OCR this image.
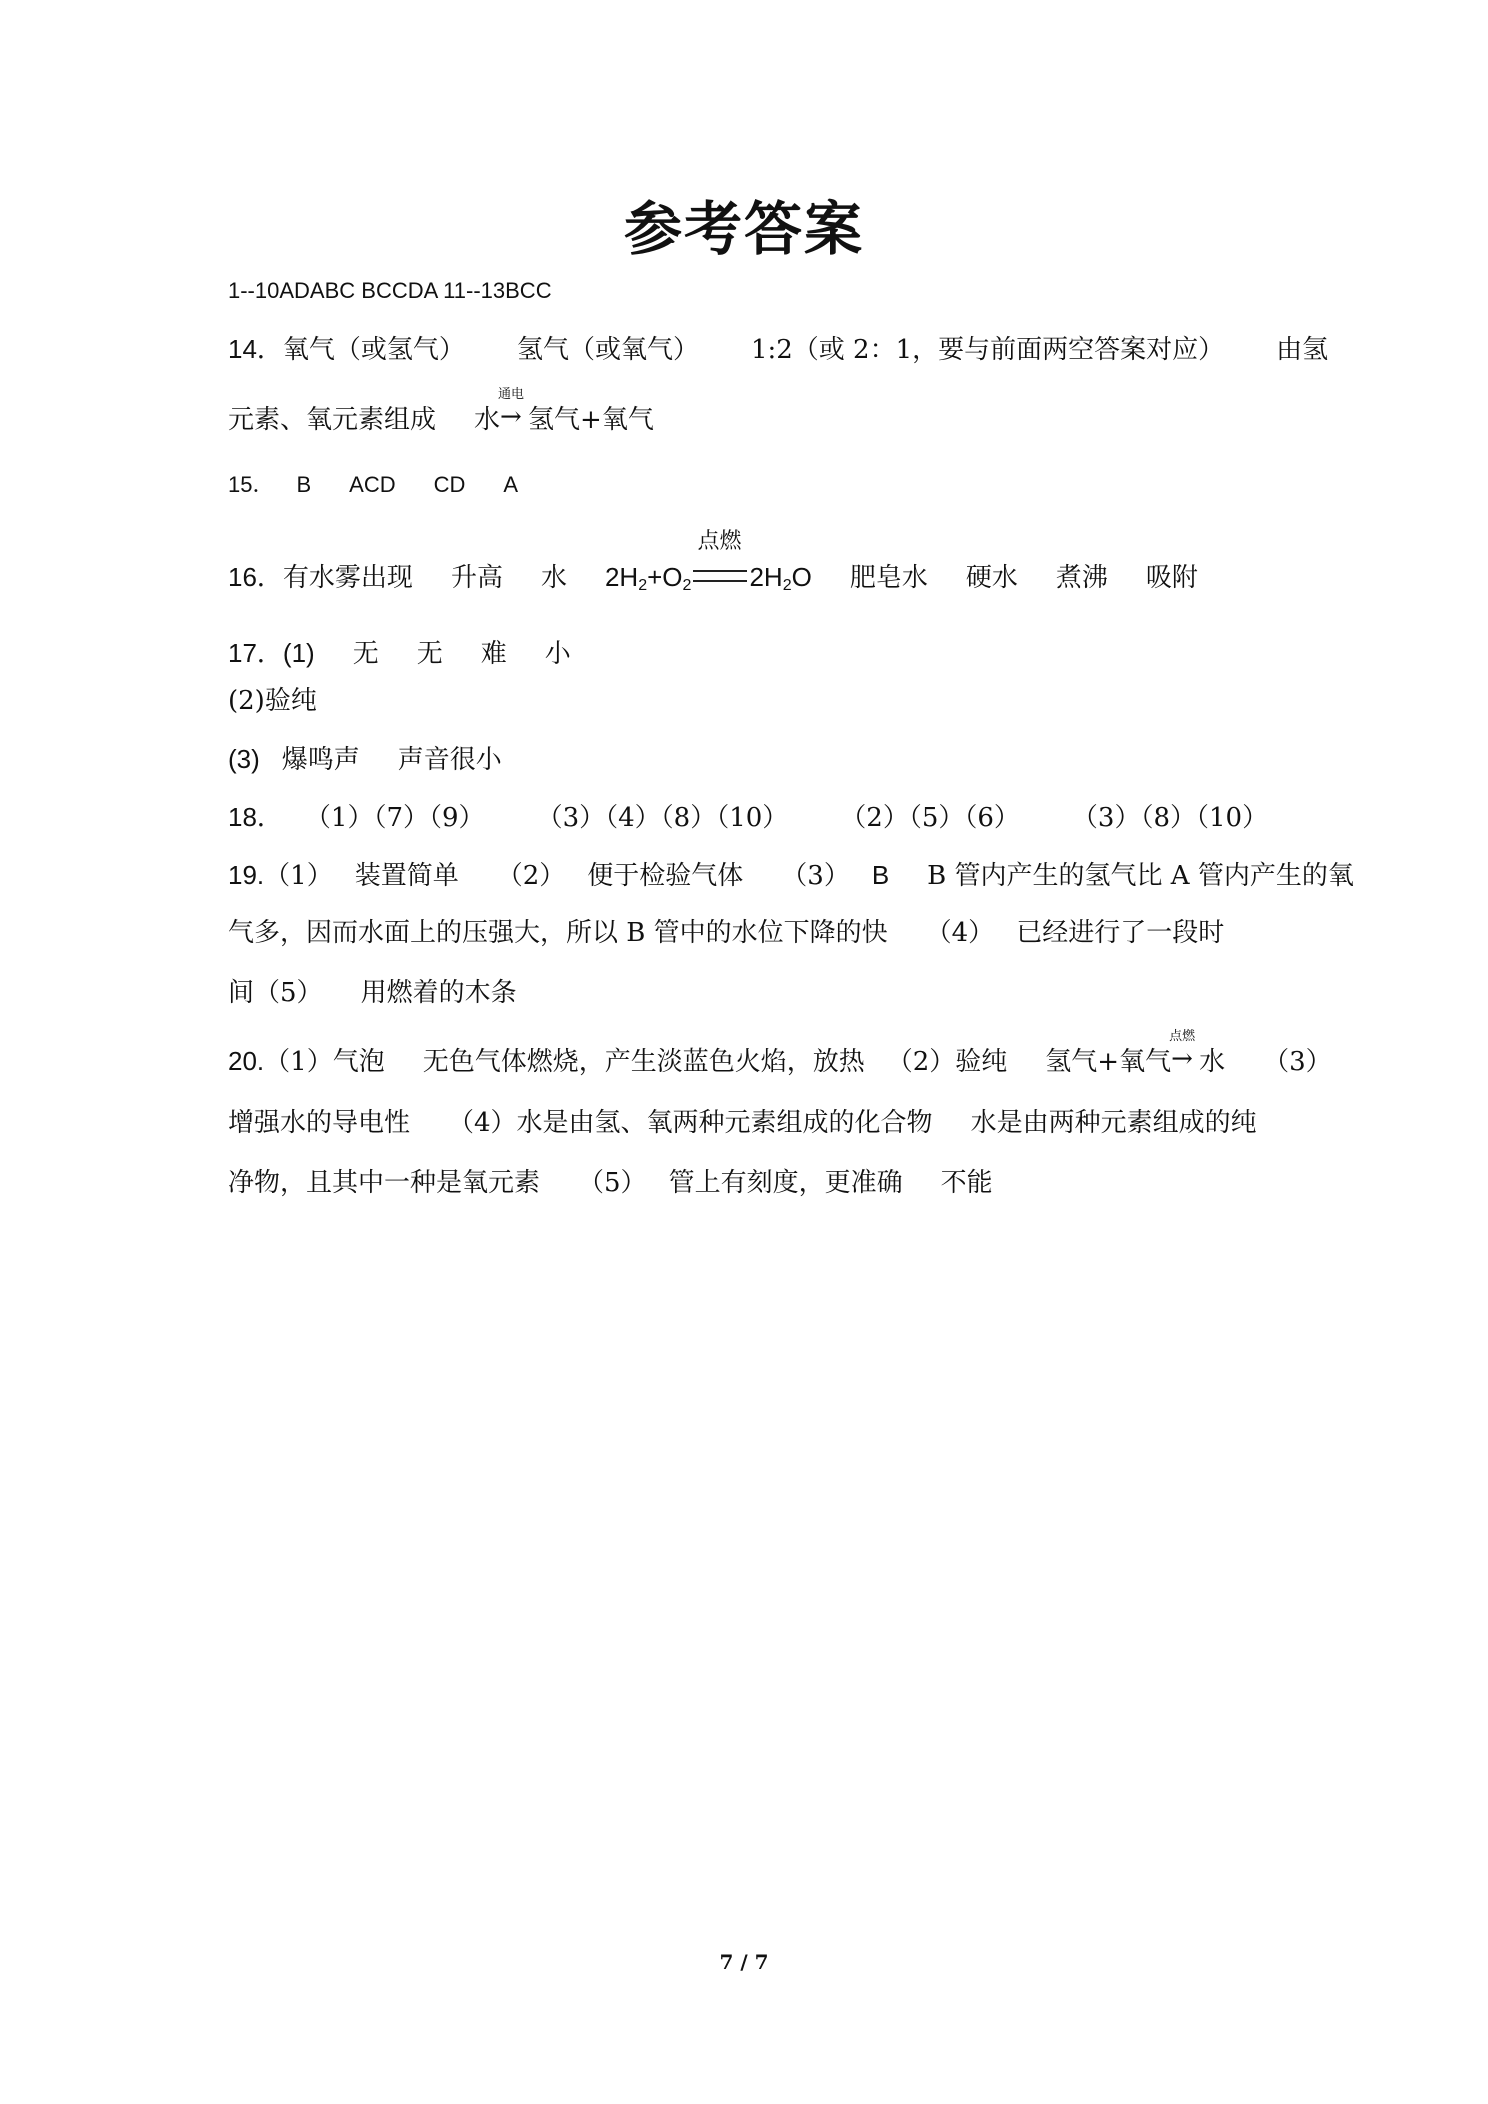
参考答案
1--10ADABC BCCDA 11--13BCC
14．氧气（或氢气） 氢气（或氧气） 1:2（或 2：1，要与前面两空答案对应） 由氢
元素、氧元素组成 水
通电
→ 氢气+氧气
15． B ACD CD A
16．有水雾出现 升高 水 $2H_2+O_2$
点燃
$2H_2O$ 肥皂水 硬水 煮沸 吸附
17．(1) 无 无 难 小
(2)验纯
(3) 爆鸣声 声音很小
18． （1）（7）（9） （3）（4）（8）（10） （2）（5）（6） （3）（8）（10）
19.（1） 装置简单 （2） 便于检验气体 （3） B B 管内产生的氢气比 A 管内产生的氧
气多，因而水面上的压强大，所以 B 管中的水位下降的快 （4） 已经进行了一段时
间（5） 用燃着的木条
20.（1）气泡 无色气体燃烧，产生淡蓝色火焰，放热 （2）验纯 氢气+氧气
点燃
→ 水 （3）
增强水的导电性 （4）水是由氢、氧两种元素组成的化合物 水是由两种元素组成的纯
净物，且其中一种是氧元素 （5） 管上有刻度，更准确 不能
7 / 7
